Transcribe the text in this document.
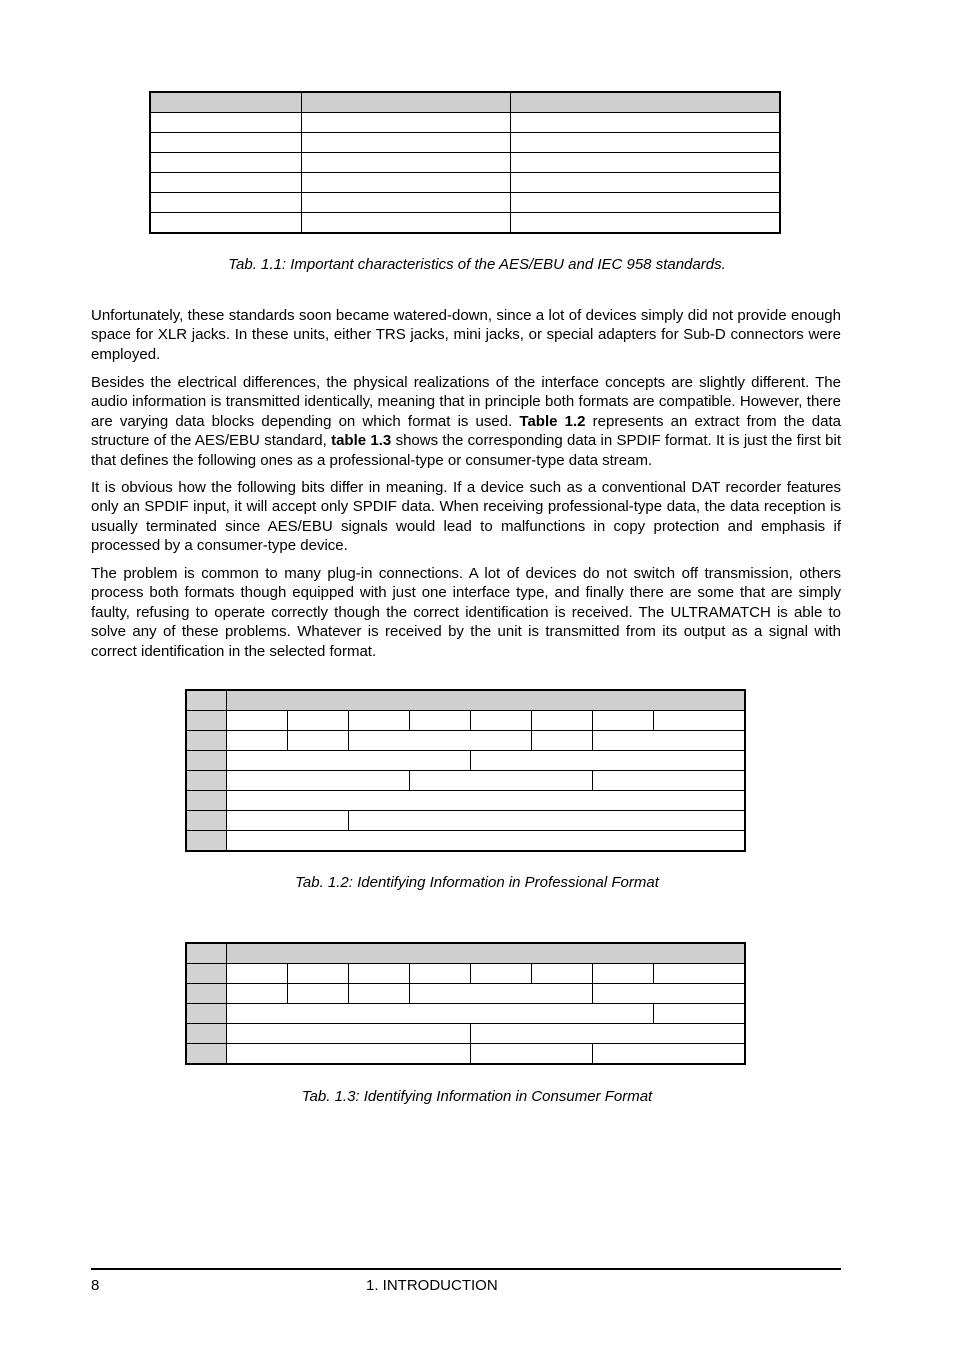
Tab. 1.1: Important characteristics of the AES/EBU and IEC 958 standards.
Unfortunately, these standards soon became watered-down, since a lot of devices simply did not provide enough space for XLR jacks. In these units, either TRS jacks, mini jacks, or special adapters for Sub-D connectors were employed.
Besides the electrical differences, the physical realizations of the interface concepts are slightly different. The audio information is transmitted identically, meaning that in principle both formats are compatible. However, there are varying data blocks depending on which format is used. Table 1.2 represents an extract from the data structure of the AES/EBU standard, table 1.3 shows the corresponding data in SPDIF format. It is just the first bit that defines the following ones as a professional-type or consumer-type data stream.
It is obvious how the following bits differ in meaning. If a device such as a conventional DAT recorder features only an SPDIF input, it will accept only SPDIF data. When receiving professional-type data, the data reception is usually terminated since AES/EBU signals would lead to malfunctions in copy protection and emphasis if processed by a consumer-type device.
The problem is common to many plug-in connections. A lot of devices do not switch off transmission, others process both formats though equipped with just one interface type, and finally there are some that are simply faulty, refusing to operate correctly though the correct identification is received. The ULTRAMATCH is able to solve any of these problems. Whatever is received by the unit is transmitted from its output as a signal with correct identification in the selected format.

Tab. 1.2: Identifying Information in Professional Format

Tab. 1.3: Identifying Information in Consumer Format
8	1. INTRODUCTION
